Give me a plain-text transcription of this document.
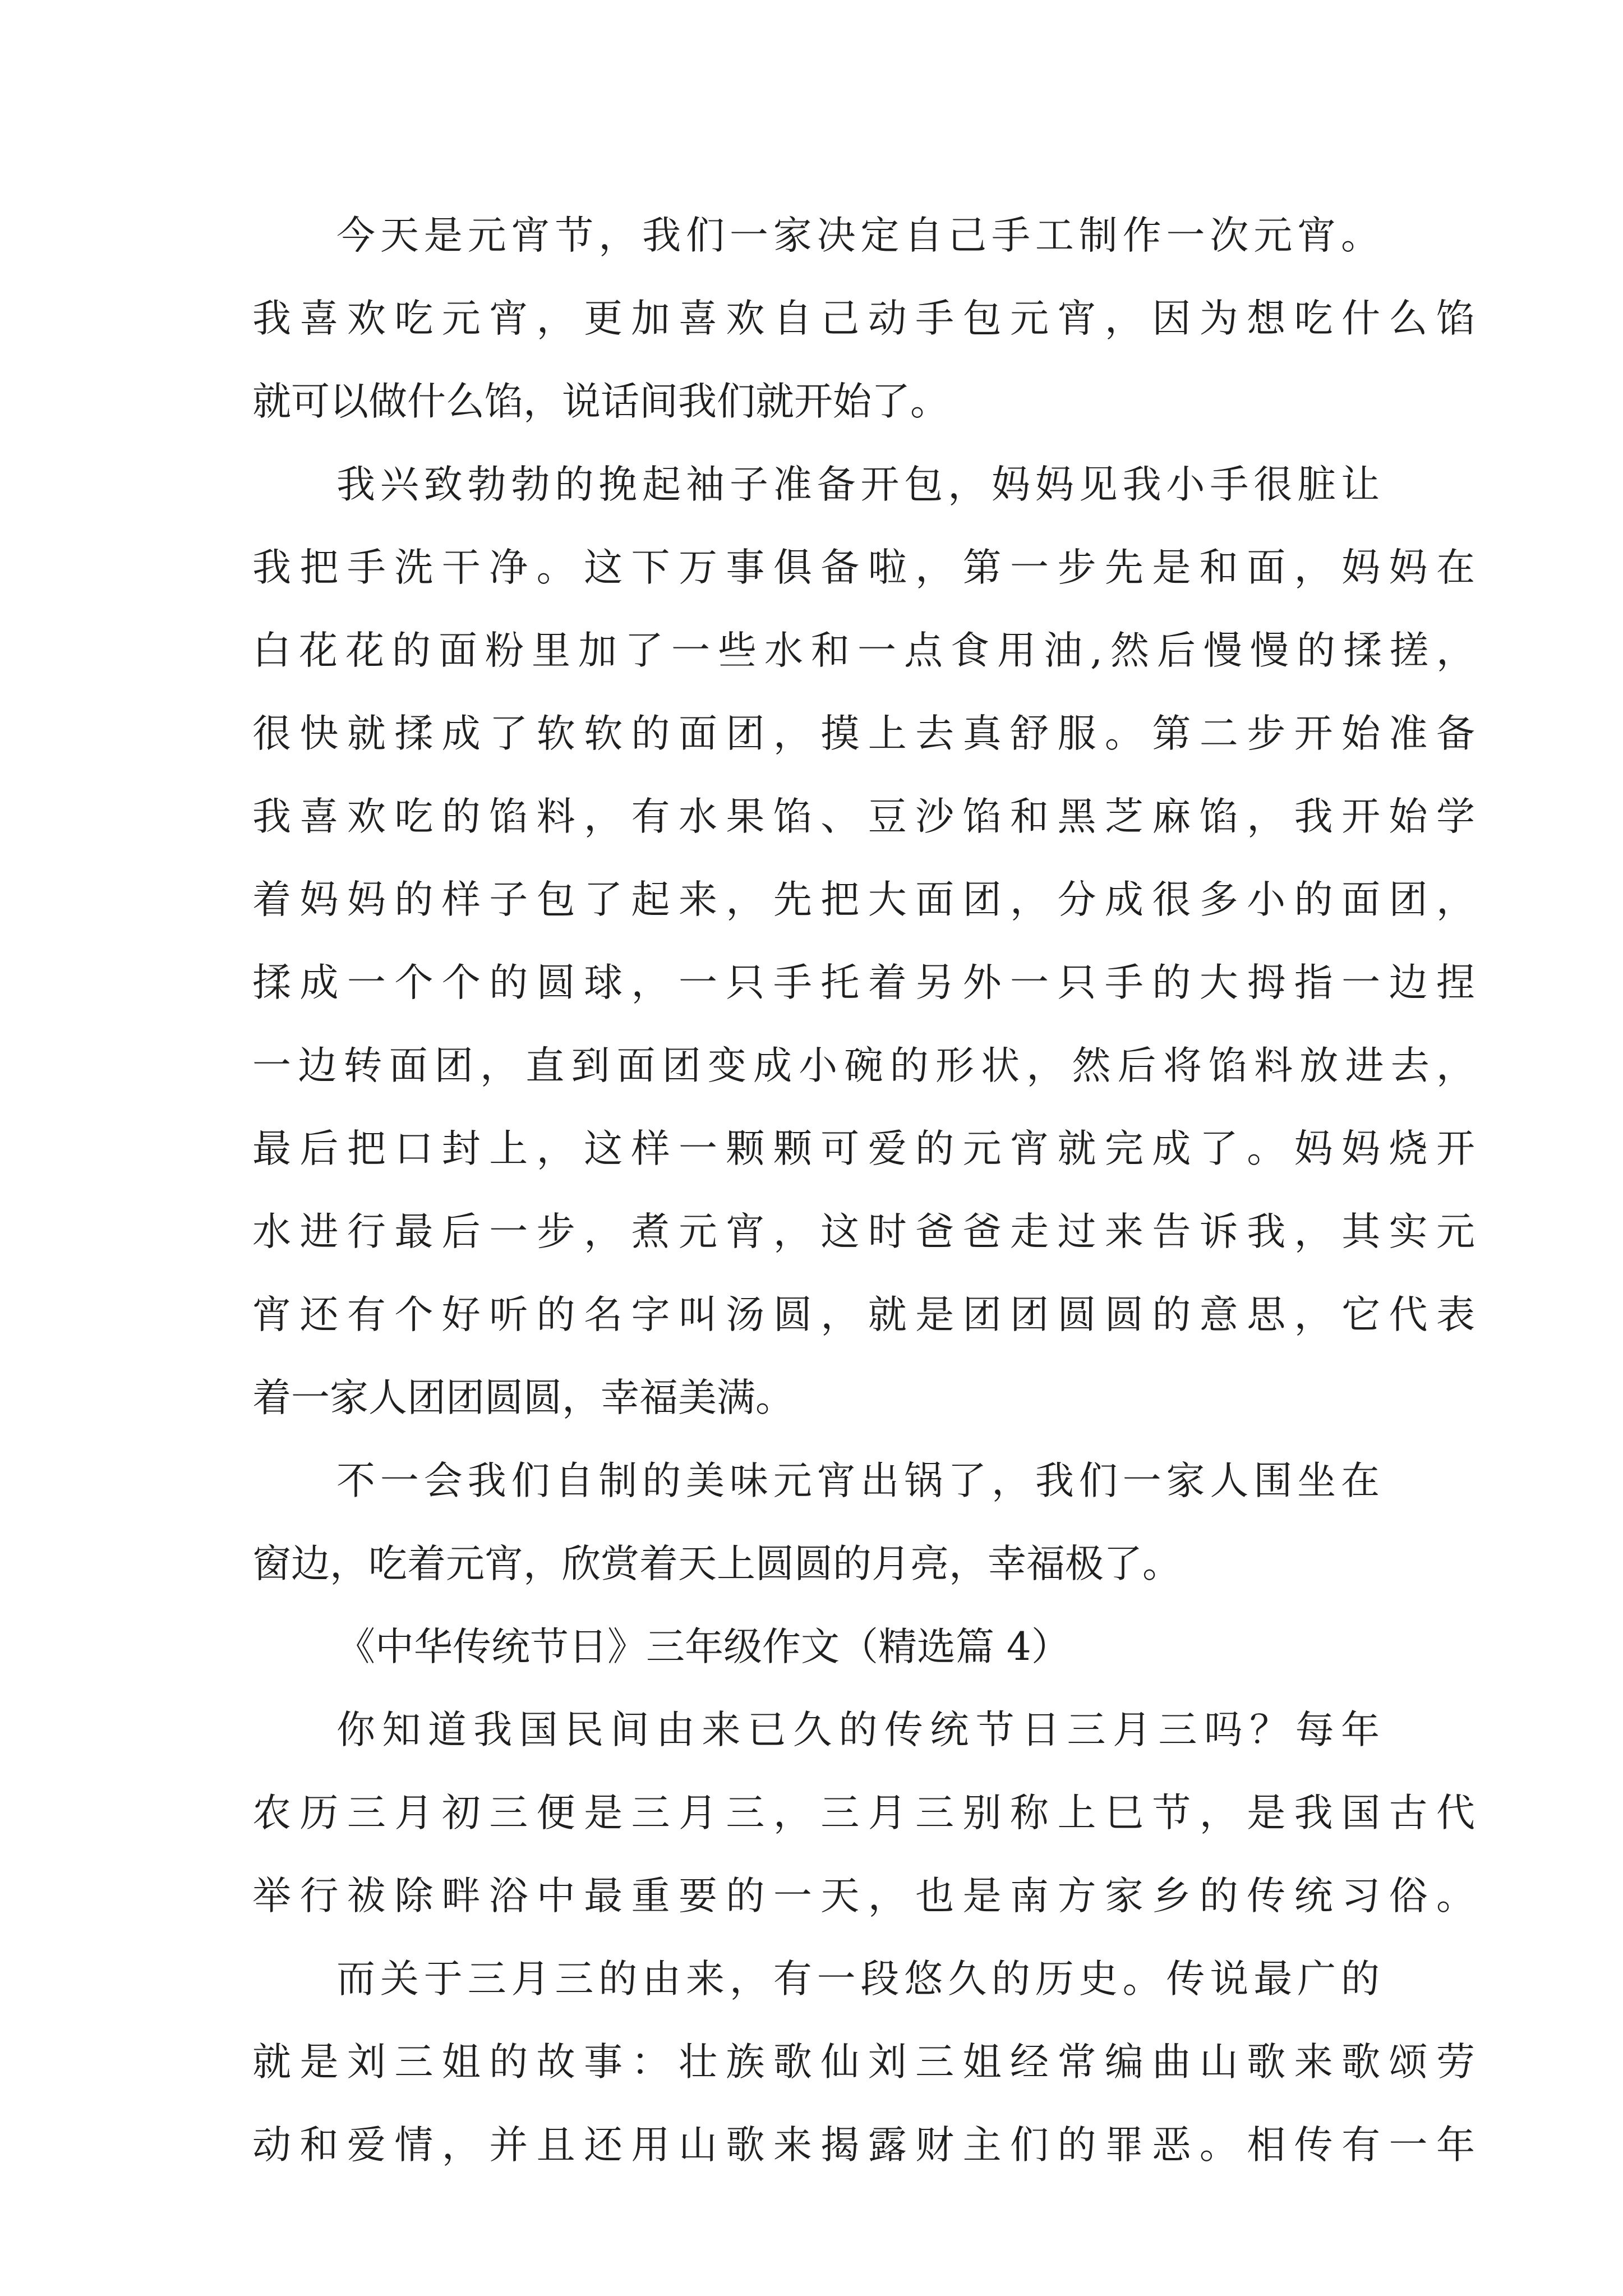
今天是元宵节，我们一家决定自己手工制作一次元宵。

我喜欢吃元宵，更加喜欢自己动手包元宵，因为想吃什么馅

就可以做什么馅，说话间我们就开始了。

我兴致勃勃的挽起袖子准备开包，妈妈见我小手很脏让

我把手洗干净。这下万事俱备啦，第一步先是和面，妈妈在

白花花的面粉里加了一些水和一点食用油,然后慢慢的揉搓，

很快就揉成了软软的面团，摸上去真舒服。第二步开始准备

我喜欢吃的馅料，有水果馅、豆沙馅和黑芝麻馅，我开始学

着妈妈的样子包了起来，先把大面团，分成很多小的面团，

揉成一个个的圆球，一只手托着另外一只手的大拇指一边捏

一边转面团，直到面团变成小碗的形状，然后将馅料放进去，

最后把口封上，这样一颗颗可爱的元宵就完成了。妈妈烧开

水进行最后一步，煮元宵，这时爸爸走过来告诉我，其实元

宵还有个好听的名字叫汤圆，就是团团圆圆的意思，它代表

着一家人团团圆圆，幸福美满。

不一会我们自制的美味元宵出锅了，我们一家人围坐在

窗边，吃着元宵，欣赏着天上圆圆的月亮，幸福极了。

《中华传统节日》三年级作文（精选篇 4）

你知道我国民间由来已久的传统节日三月三吗？每年

农历三月初三便是三月三，三月三别称上巳节，是我国古代

举行祓除畔浴中最重要的一天，也是南方家乡的传统习俗。

而关于三月三的由来，有一段悠久的历史。传说最广的

就是刘三姐的故事：壮族歌仙刘三姐经常编曲山歌来歌颂劳

动和爱情，并且还用山歌来揭露财主们的罪恶。相传有一年
